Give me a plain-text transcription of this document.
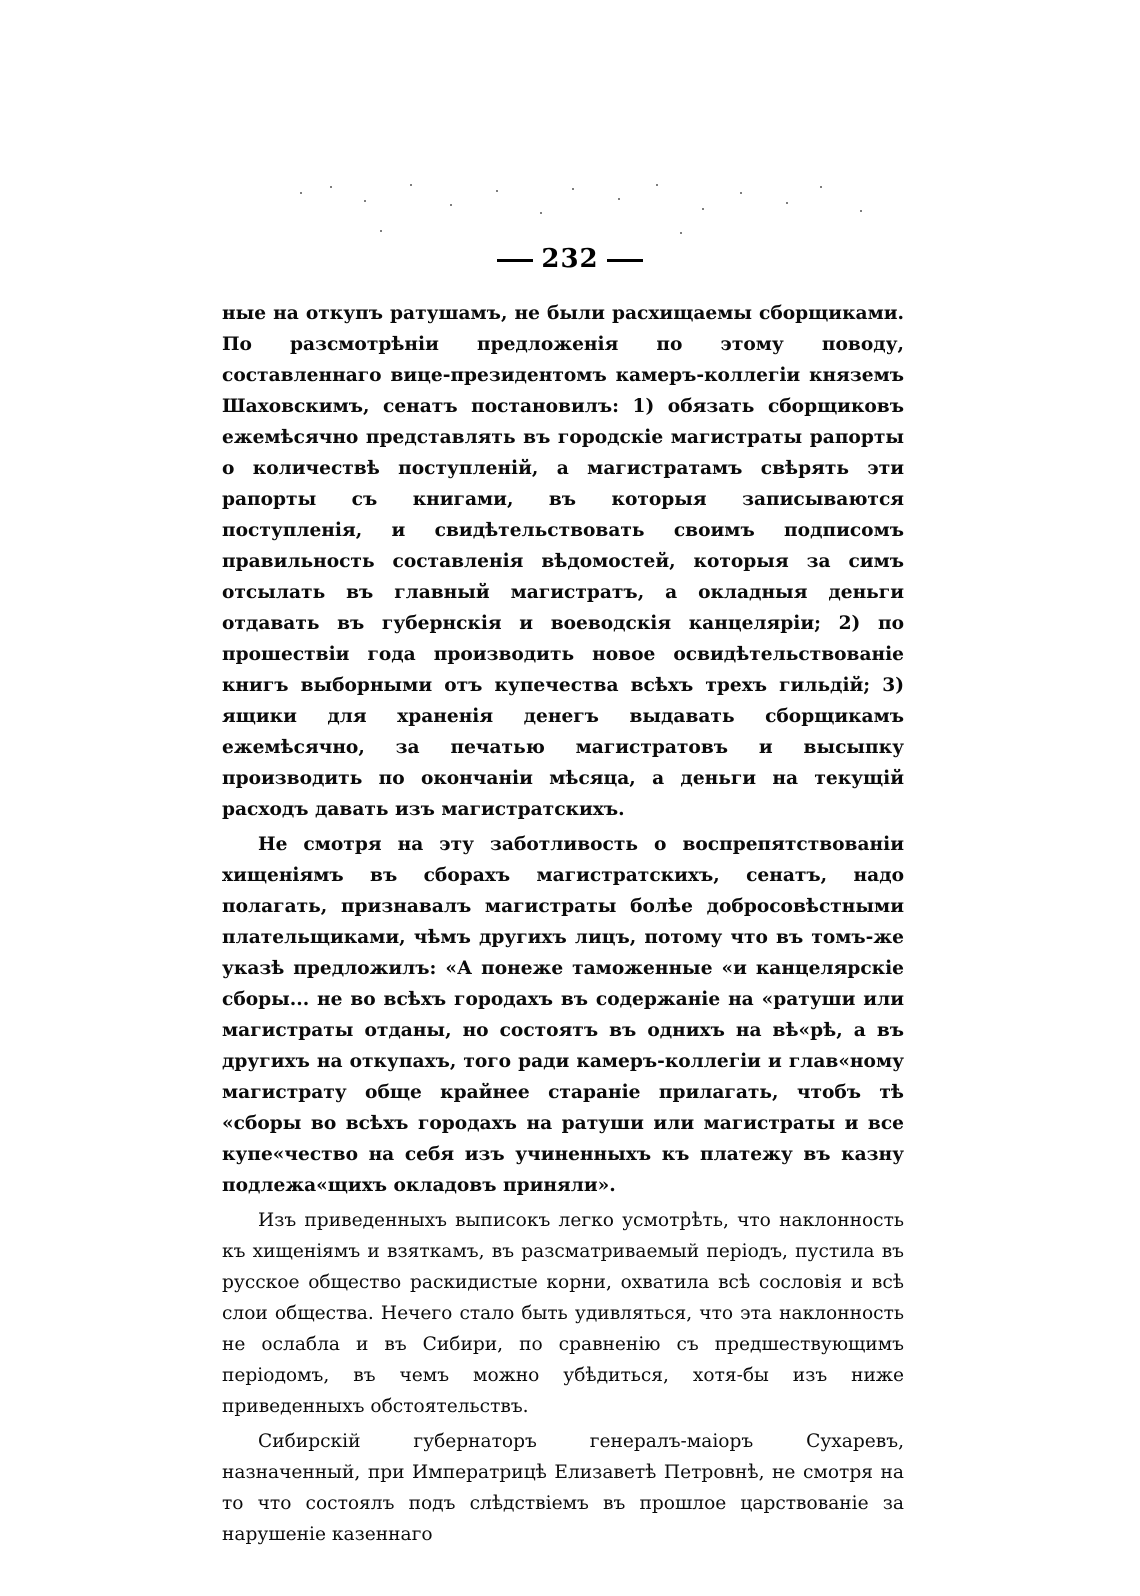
232

ные на откупъ ратушамъ, не были расхищаемы сборщиками. По разсмотрѣніи предложенія по этому поводу, составленнаго вице-президентомъ камеръ-коллегіи княземъ Шаховскимъ, сенатъ постановилъ: 1) обязать сборщиковъ ежемѣсячно представлять въ городскіе магистраты рапорты о количествѣ поступленій, а магистратамъ свѣрять эти рапорты съ книгами, въ которыя записываются поступленія, и свидѣтельствовать своимъ подписомъ правильность составленія вѣдомостей, которыя за симъ отсылать въ главный магистратъ, а окладныя деньги отдавать въ губернскія и воеводскія канцеляріи; 2) по прошествіи года производить новое освидѣтельствованіе книгъ выборными отъ купечества всѣхъ трехъ гильдій; 3) ящики для храненія денегъ выдавать сборщикамъ ежемѣсячно, за печатью магистратовъ и высыпку производить по окончаніи мѣсяца, а деньги на текущій расходъ давать изъ магистратскихъ.

Не смотря на эту заботливость о воспрепятствованіи хищеніямъ въ сборахъ магистратскихъ, сенатъ, надо полагать, признавалъ магистраты болѣе добросовѣстными плательщиками, чѣмъ другихъ лицъ, потому что въ томъ-же указѣ предложилъ: «А понеже таможенные «и канцелярскіе сборы... не во всѣхъ городахъ въ содержаніе на «ратуши или магистраты отданы, но состоятъ въ однихъ на вѣ«рѣ, а въ другихъ на откупахъ, того ради камеръ-коллегіи и глав«ному магистрату обще крайнее стараніе прилагать, чтобъ тѣ «сборы во всѣхъ городахъ на ратуши или магистраты и все купе«чество на себя изъ учиненныхъ къ платежу въ казну подлежа«щихъ окладовъ приняли».

Изъ приведенныхъ выписокъ легко усмотрѣть, что наклонность къ хищеніямъ и взяткамъ, въ разсматриваемый періодъ, пустила въ русское общество раскидистые корни, охватила всѣ сословія и всѣ слои общества. Нечего стало быть удивляться, что эта наклонность не ослабла и въ Сибири, по сравненію съ предшествующимъ періодомъ, въ чемъ можно убѣдиться, хотя-бы изъ ниже приведенныхъ обстоятельствъ.

Сибирскій губернаторъ генералъ-маіоръ Сухаревъ, назначенный, при Императрицѣ Елизаветѣ Петровнѣ, не смотря на то что состоялъ подъ слѣдствіемъ въ прошлое царствованіе за нарушеніе казеннаго
